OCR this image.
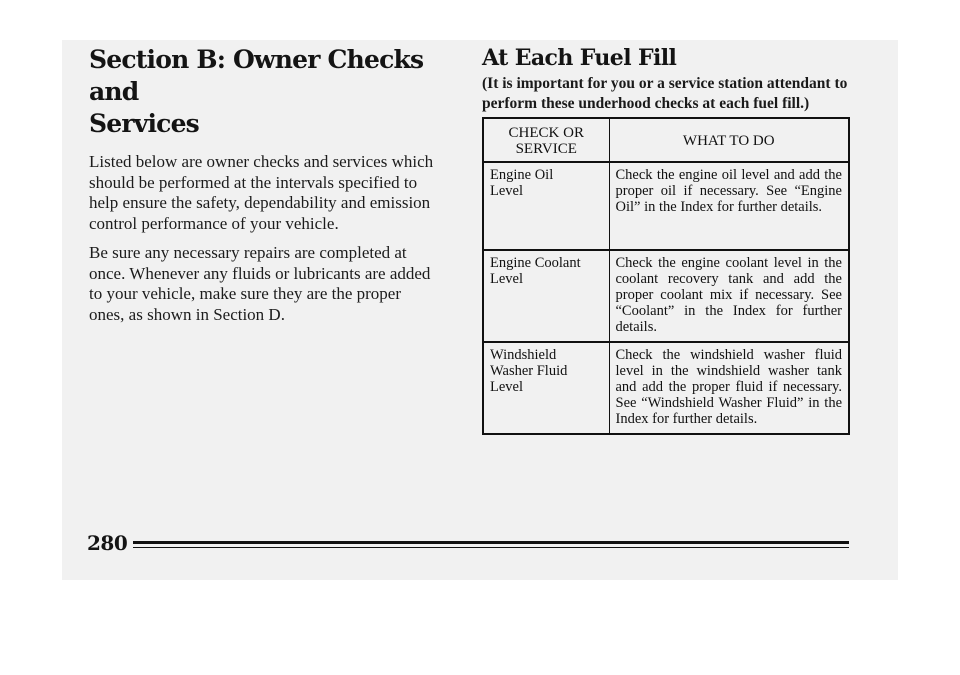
Section B: Owner Checks and
Services

Listed below are owner checks and services which should be performed at the intervals specified to help ensure the safety, dependability and emission control performance of your vehicle.

Be sure any necessary repairs are completed at once. Whenever any fluids or lubricants are added to your vehicle, make sure they are the proper ones, as shown in Section D.

At Each Fuel Fill

(It is important for you or a service station attendant to perform these underhood checks at each fuel fill.)

CHECK OR
SERVICE	WHAT TO DO
Engine Oil
Level	Check the engine oil level and add the proper oil if necessary. See “Engine Oil” in the Index for further details.
Engine Coolant
Level	Check the engine coolant level in the coolant recovery tank and add the proper coolant mix if necessary. See “Coolant” in the Index for further details.
Windshield
Washer Fluid
Level	Check the windshield washer fluid level in the windshield washer tank and add the proper fluid if necessary. See “Windshield Washer Fluid” in the Index for further details.
280
